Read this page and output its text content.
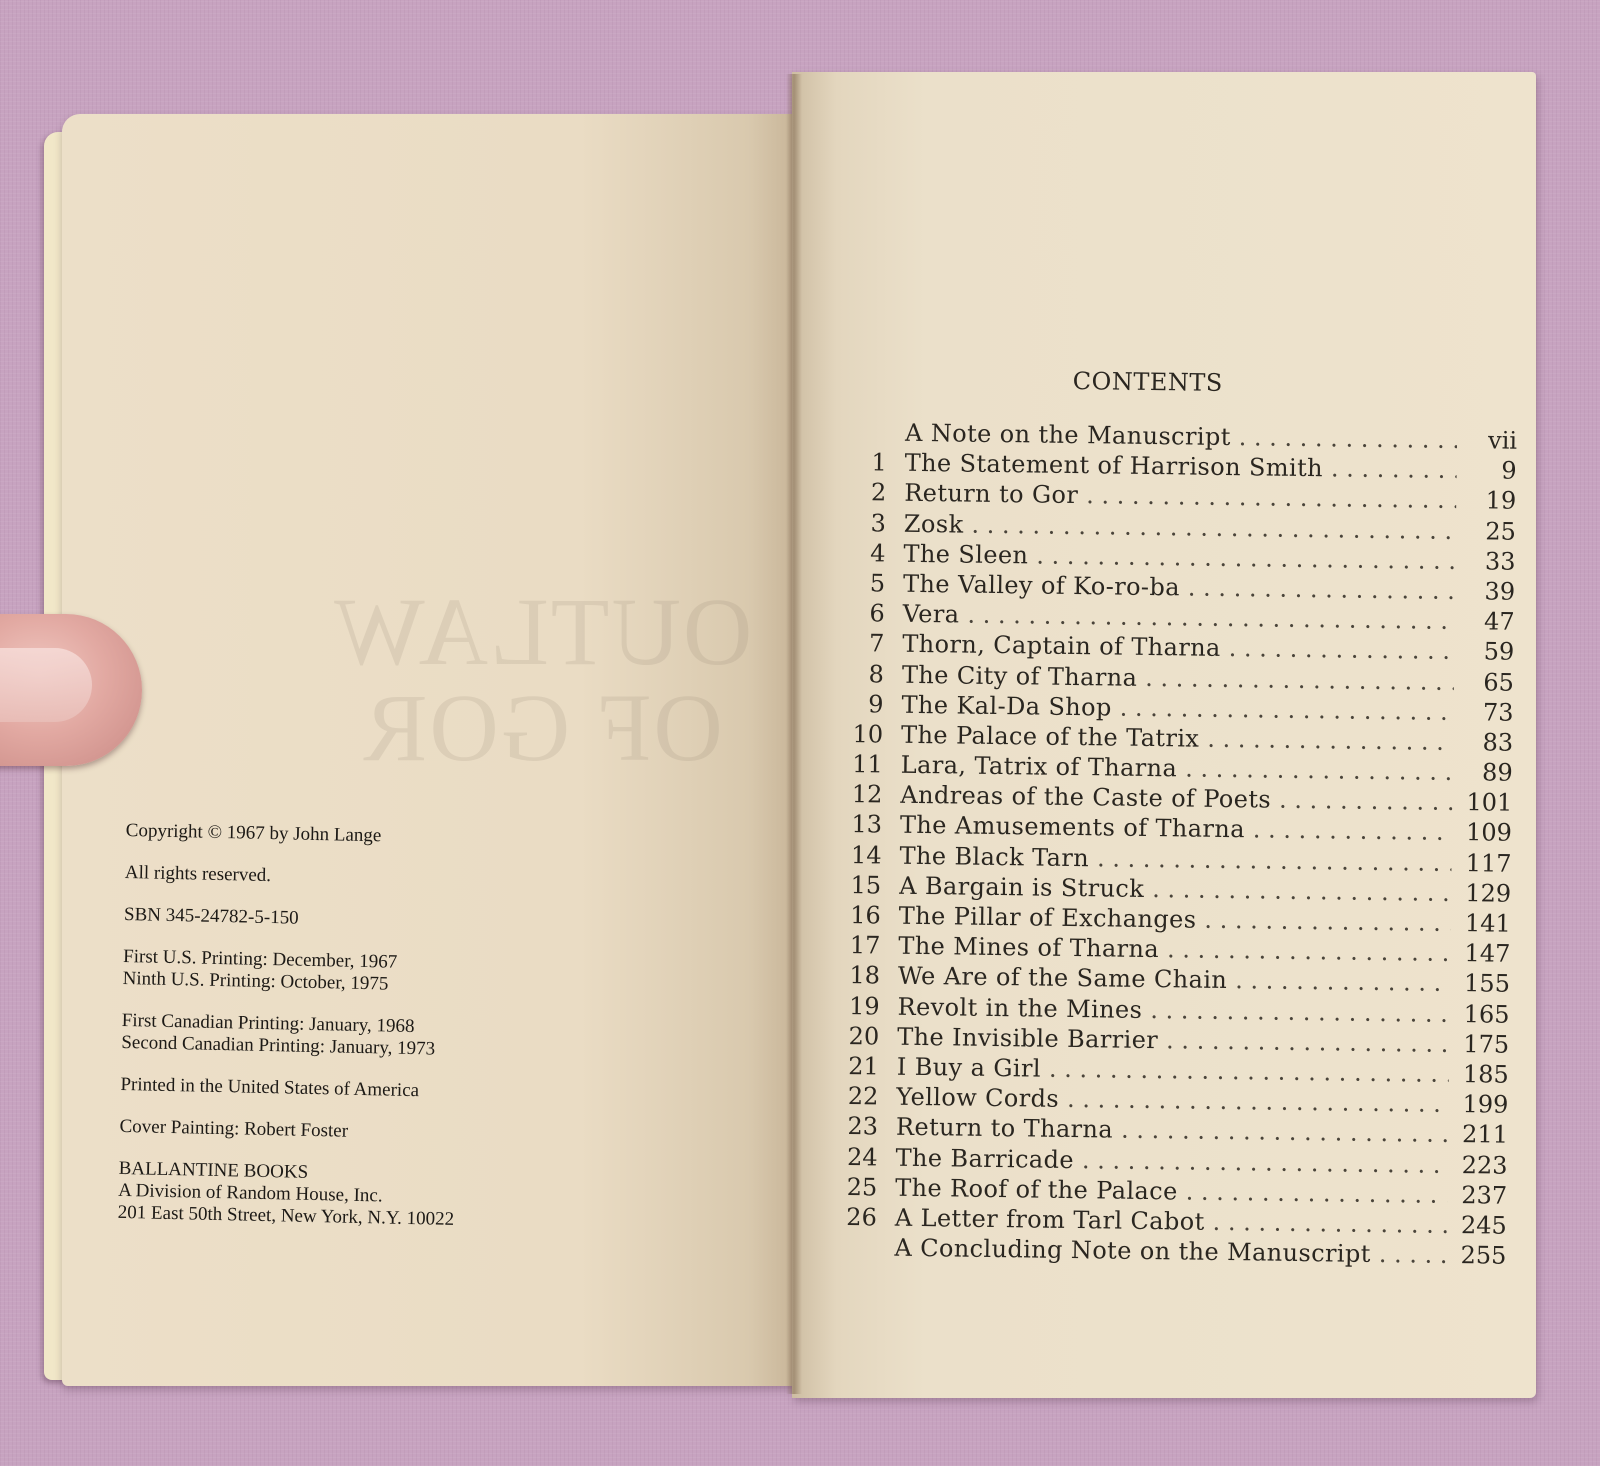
OUTLAW
OF GOR
Copyright © 1967 by John Lange
All rights reserved.
SBN 345-24782-5-150
First U.S. Printing: December, 1967
Ninth U.S. Printing: October, 1975
First Canadian Printing: January, 1968
Second Canadian Printing: January, 1973
Printed in the United States of America
Cover Painting: Robert Foster
BALLANTINE BOOKS
A Division of Random House, Inc.
201 East 50th Street, New York, N.Y. 10022
CONTENTS
A Note on the Manuscript . . .	vii
1 The Statement of Harrison Smith . . .	9
2 Return to Gor . . .	19
3 Zosk . . .	25
4 The Sleen . . .	33
5 The Valley of Ko-ro-ba . . .	39
6 Vera . . .	47
7 Thorn, Captain of Tharna . . .	59
8 The City of Tharna . . .	65
9 The Kal-Da Shop . . .	73
10 The Palace of the Tatrix . . .	83
11 Lara, Tatrix of Tharna . . .	89
12 Andreas of the Caste of Poets . . .	101
13 The Amusements of Tharna . . .	109
14 The Black Tarn . . .	117
15 A Bargain is Struck . . .	129
16 The Pillar of Exchanges . . .	141
17 The Mines of Tharna . . .	147
18 We Are of the Same Chain . . .	155
19 Revolt in the Mines . . .	165
20 The Invisible Barrier . . .	175
21 I Buy a Girl . . .	185
22 Yellow Cords . . .	199
23 Return to Tharna . . .	211
24 The Barricade . . .	223
25 The Roof of the Palace . . .	237
26 A Letter from Tarl Cabot . . .	245
A Concluding Note on the Manuscript . . .	255
